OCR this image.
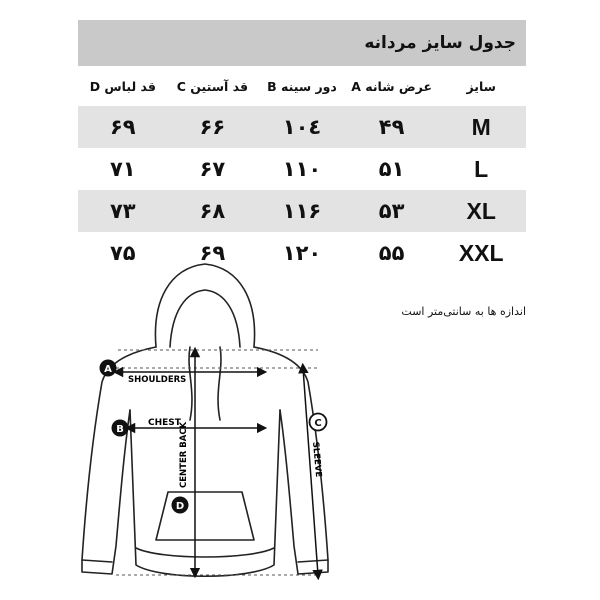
جدول سایز مردانه
سایز	عرض شانه A	دور سینه B	قد آستین C	قد لباس D
M	۴۹	۱۰٤	۶۶	۶۹
L	۵۱	۱۱۰	۶۷	۷۱
XL	۵۳	۱۱۶	۶۸	۷۳
XXL	۵۵	۱۲۰	۶۹	۷۵
اندازه ها به سانتی‌متر است
SHOULDERS
CHEST
CENTER BACK	SLEEVE
A
B
C
D
